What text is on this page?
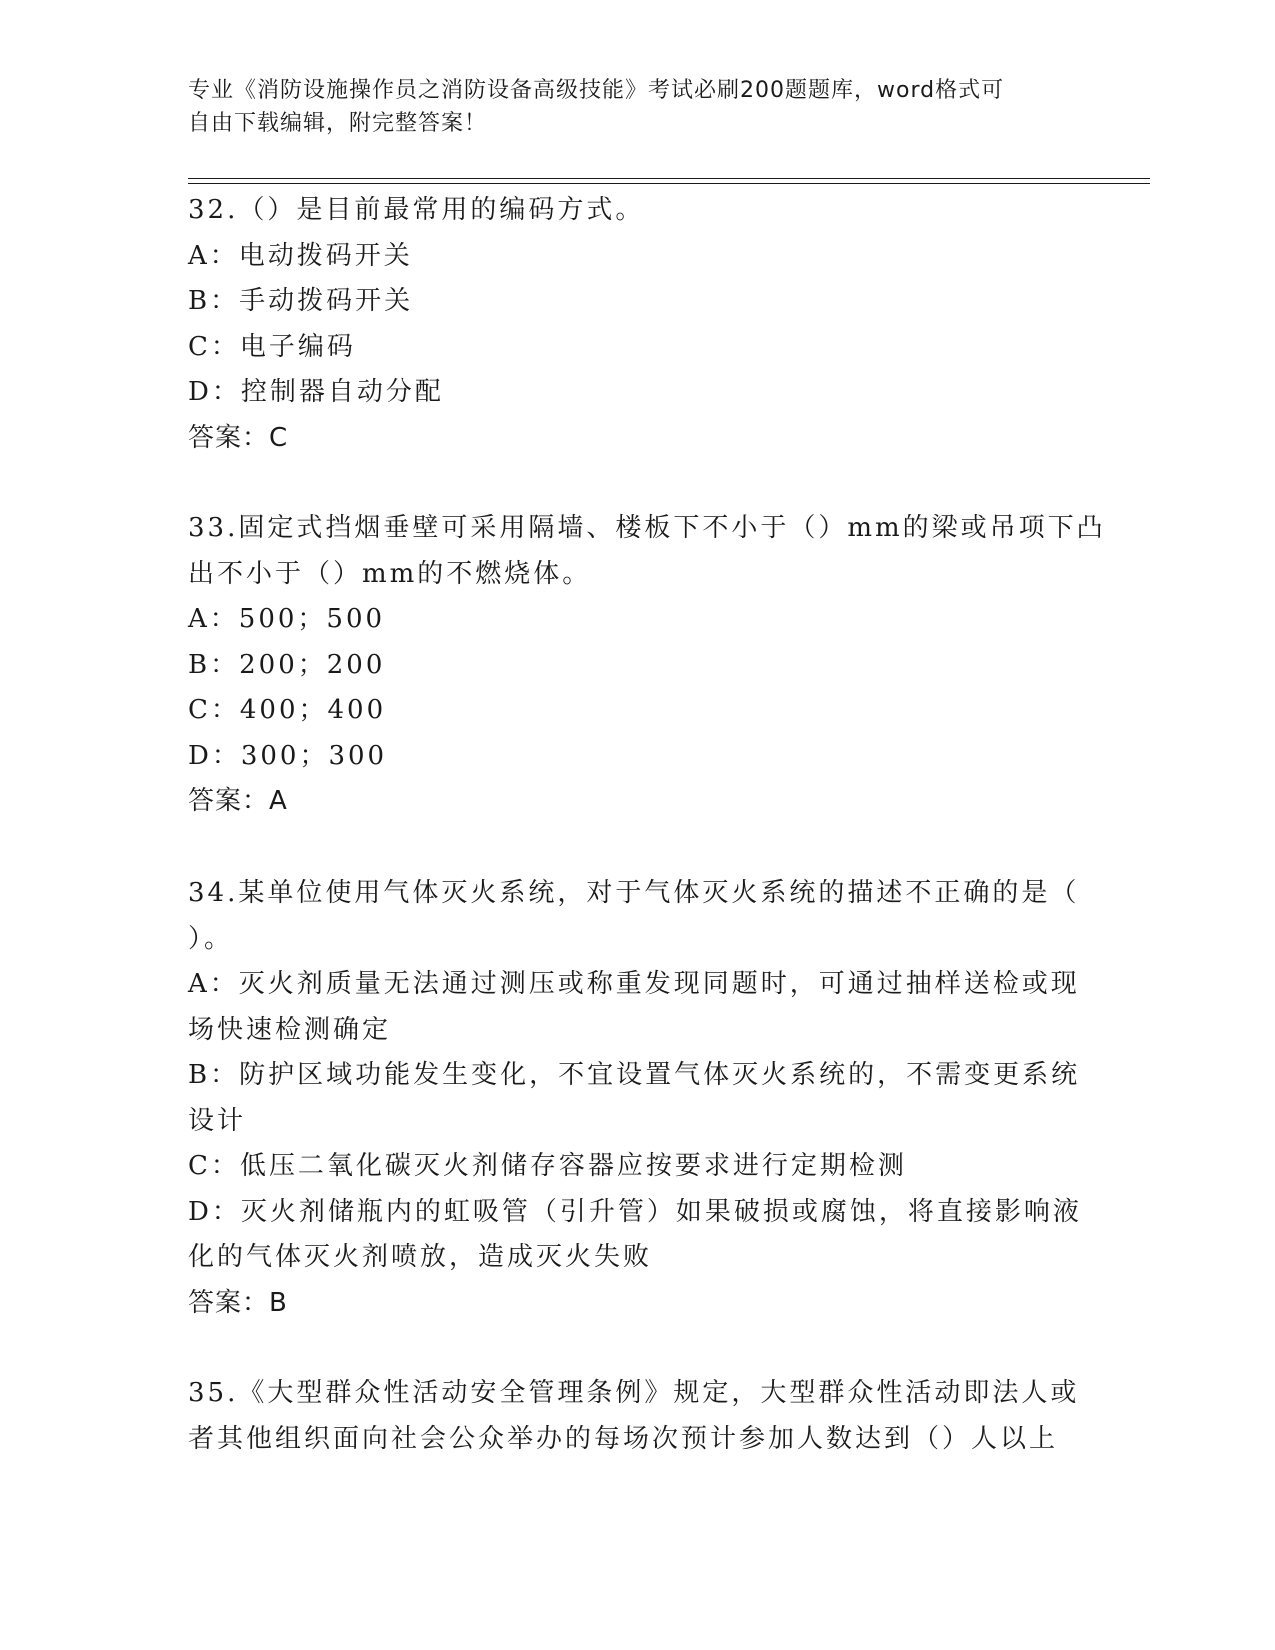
专业《消防设施操作员之消防设备高级技能》考试必刷200题题库，word格式可
自由下载编辑，附完整答案！
32.（）是目前最常用的编码方式。
A：电动拨码开关
B：手动拨码开关
C：电子编码
D：控制器自动分配
答案：C
33.固定式挡烟垂壁可采用隔墙、楼板下不小于（）mm的梁或吊项下凸
出不小于（）mm的不燃烧体。
A：500；500
B：200；200
C：400；400
D：300；300
答案：A
34.某单位使用气体灭火系统，对于气体灭火系统的描述不正确的是（
）。
A：灭火剂质量无法通过测压或称重发现同题时，可通过抽样送检或现
场快速检测确定
B：防护区域功能发生变化，不宜设置气体灭火系统的，不需变更系统
设计
C：低压二氧化碳灭火剂储存容器应按要求进行定期检测
D：灭火剂储瓶内的虹吸管（引升管）如果破损或腐蚀，将直接影响液
化的气体灭火剂喷放，造成灭火失败
答案：B
35.《大型群众性活动安全管理条例》规定，大型群众性活动即法人或
者其他组织面向社会公众举办的每场次预计参加人数达到（）人以上
